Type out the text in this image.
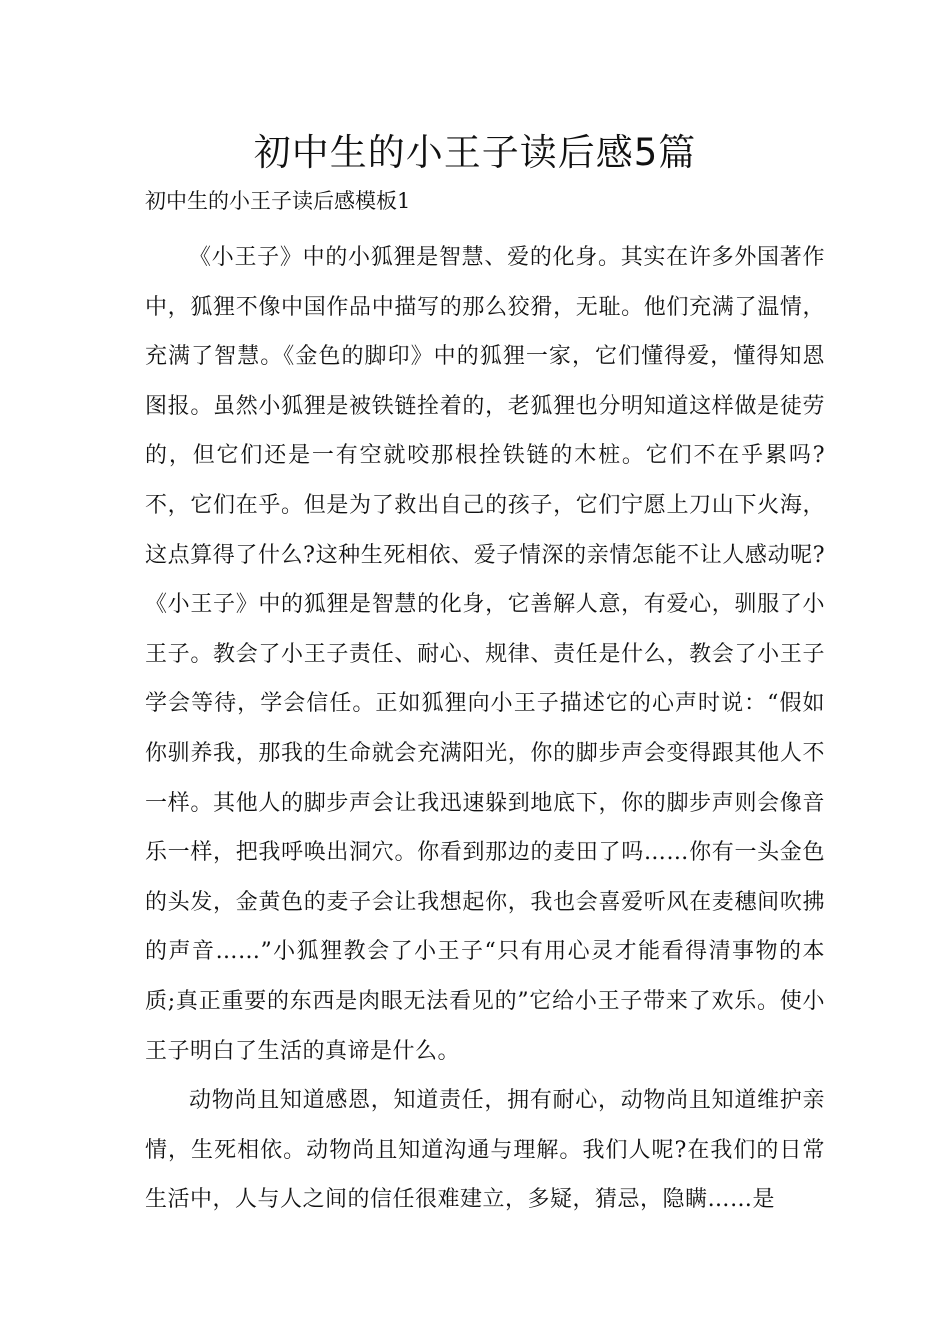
初中生的小王子读后感5篇
初中生的小王子读后感模板1

《小王子》中的小狐狸是智慧、爱的化身。其实在许多外国著作中，狐狸不像中国作品中描写的那么狡猾，无耻。他们充满了温情，充满了智慧。《金色的脚印》中的狐狸一家，它们懂得爱，懂得知恩图报。虽然小狐狸是被铁链拴着的，老狐狸也分明知道这样做是徒劳的，但它们还是一有空就咬那根拴铁链的木桩。它们不在乎累吗?不，它们在乎。但是为了救出自己的孩子，它们宁愿上刀山下火海，这点算得了什么?这种生死相依、爱子情深的亲情怎能不让人感动呢?《小王子》中的狐狸是智慧的化身，它善解人意，有爱心，驯服了小王子。教会了小王子责任、耐心、规律、责任是什么，教会了小王子学会等待，学会信任。正如狐狸向小王子描述它的心声时说：“假如你驯养我，那我的生命就会充满阳光，你的脚步声会变得跟其他人不一样。其他人的脚步声会让我迅速躲到地底下，你的脚步声则会像音乐一样，把我呼唤出洞穴。你看到那边的麦田了吗……你有一头金色的头发，金黄色的麦子会让我想起你，我也会喜爱听风在麦穗间吹拂的声音……”小狐狸教会了小王子“只有用心灵才能看得清事物的本质;真正重要的东西是肉眼无法看见的”它给小王子带来了欢乐。使小王子明白了生活的真谛是什么。

动物尚且知道感恩，知道责任，拥有耐心，动物尚且知道维护亲情，生死相依。动物尚且知道沟通与理解。我们人呢?在我们的日常生活中，人与人之间的信任很难建立，多疑，猜忌，隐瞒……是
